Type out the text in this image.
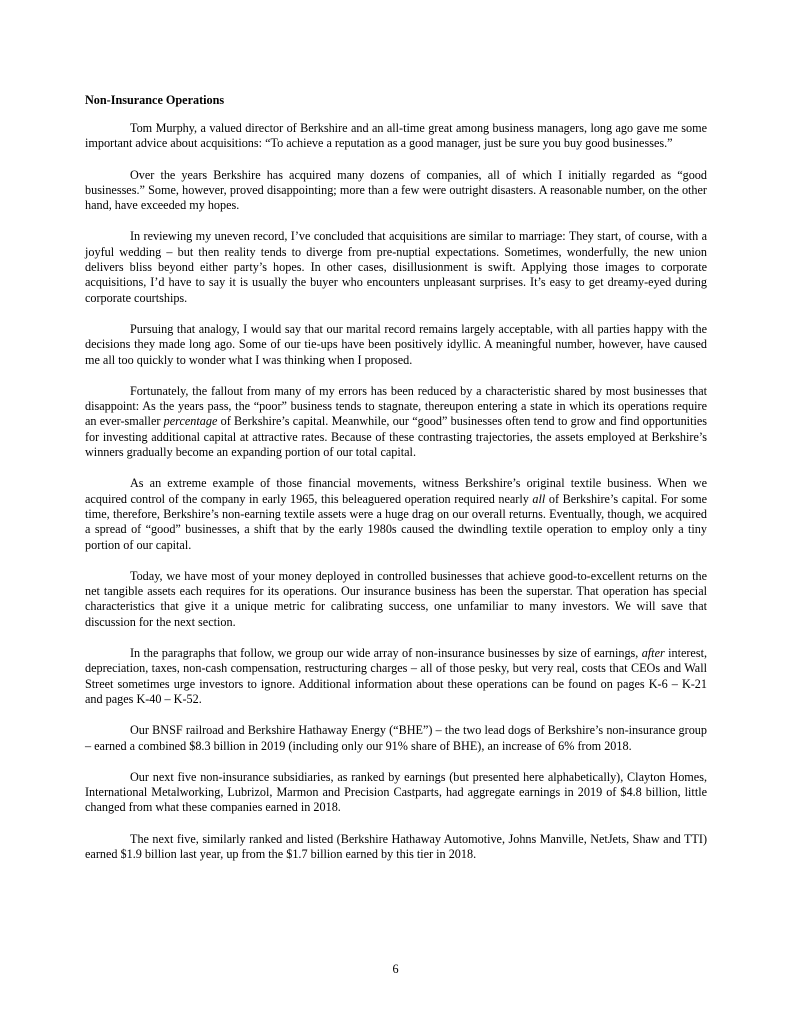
Non-Insurance Operations

Tom Murphy, a valued director of Berkshire and an all-time great among business managers, long ago gave me some important advice about acquisitions: “To achieve a reputation as a good manager, just be sure you buy good businesses.”

Over the years Berkshire has acquired many dozens of companies, all of which I initially regarded as “good businesses.” Some, however, proved disappointing; more than a few were outright disasters. A reasonable number, on the other hand, have exceeded my hopes.

In reviewing my uneven record, I’ve concluded that acquisitions are similar to marriage: They start, of course, with a joyful wedding – but then reality tends to diverge from pre-nuptial expectations. Sometimes, wonderfully, the new union delivers bliss beyond either party’s hopes. In other cases, disillusionment is swift. Applying those images to corporate acquisitions, I’d have to say it is usually the buyer who encounters unpleasant surprises. It’s easy to get dreamy-eyed during corporate courtships.

Pursuing that analogy, I would say that our marital record remains largely acceptable, with all parties happy with the decisions they made long ago. Some of our tie-ups have been positively idyllic. A meaningful number, however, have caused me all too quickly to wonder what I was thinking when I proposed.

Fortunately, the fallout from many of my errors has been reduced by a characteristic shared by most businesses that disappoint: As the years pass, the “poor” business tends to stagnate, thereupon entering a state in which its operations require an ever-smaller percentage of Berkshire’s capital. Meanwhile, our “good” businesses often tend to grow and find opportunities for investing additional capital at attractive rates. Because of these contrasting trajectories, the assets employed at Berkshire’s winners gradually become an expanding portion of our total capital.

As an extreme example of those financial movements, witness Berkshire’s original textile business. When we acquired control of the company in early 1965, this beleaguered operation required nearly all of Berkshire’s capital. For some time, therefore, Berkshire’s non-earning textile assets were a huge drag on our overall returns. Eventually, though, we acquired a spread of “good” businesses, a shift that by the early 1980s caused the dwindling textile operation to employ only a tiny portion of our capital.

Today, we have most of your money deployed in controlled businesses that achieve good-to-excellent returns on the net tangible assets each requires for its operations. Our insurance business has been the superstar. That operation has special characteristics that give it a unique metric for calibrating success, one unfamiliar to many investors. We will save that discussion for the next section.

In the paragraphs that follow, we group our wide array of non-insurance businesses by size of earnings, after interest, depreciation, taxes, non-cash compensation, restructuring charges – all of those pesky, but very real, costs that CEOs and Wall Street sometimes urge investors to ignore. Additional information about these operations can be found on pages K-6 – K-21 and pages K-40 – K-52.

Our BNSF railroad and Berkshire Hathaway Energy (“BHE”) – the two lead dogs of Berkshire’s non-insurance group – earned a combined $8.3 billion in 2019 (including only our 91% share of BHE), an increase of 6% from 2018.

Our next five non-insurance subsidiaries, as ranked by earnings (but presented here alphabetically), Clayton Homes, International Metalworking, Lubrizol, Marmon and Precision Castparts, had aggregate earnings in 2019 of $4.8 billion, little changed from what these companies earned in 2018.

The next five, similarly ranked and listed (Berkshire Hathaway Automotive, Johns Manville, NetJets, Shaw and TTI) earned $1.9 billion last year, up from the $1.7 billion earned by this tier in 2018.

6
